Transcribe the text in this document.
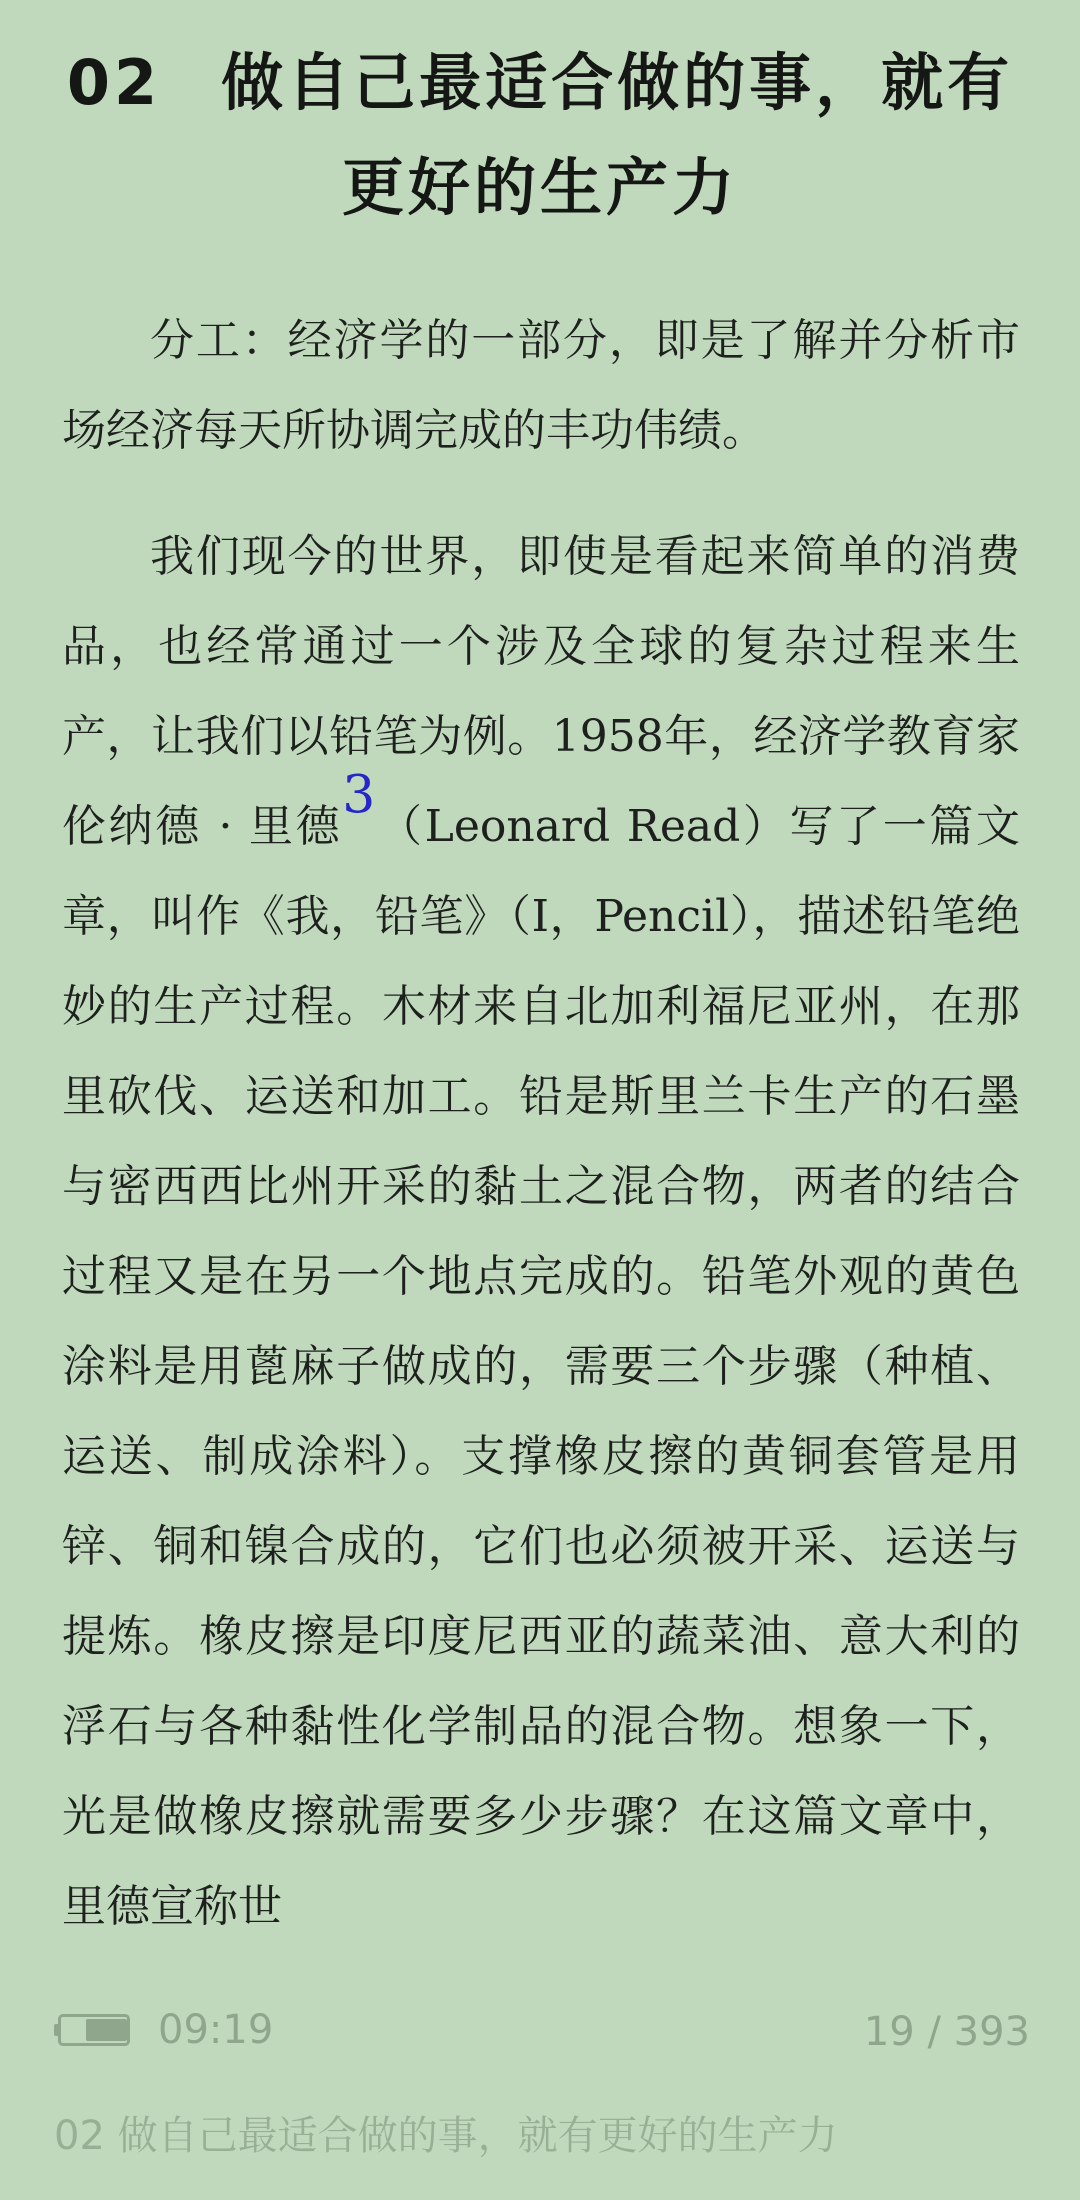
02 做自己最适合做的事，就有
更好的生产力

分工：经济学的一部分，即是了解并分析市场经济每天所协调完成的丰功伟绩。

我们现今的世界，即使是看起来简单的消费品，也经常通过一个涉及全球的复杂过程来生产，让我们以铅笔为例。1958年，经济学教育家伦纳德 · 里德3（Leonard Read）写了一篇文章，叫作《我，铅笔》（I，Pencil），描述铅笔绝妙的生产过程。木材来自北加利福尼亚州，在那里砍伐、运送和加工。铅是斯里兰卡生产的石墨与密西西比州开采的黏土之混合物，两者的结合过程又是在另一个地点完成的。铅笔外观的黄色涂料是用蓖麻子做成的，需要三个步骤（种植、运送、制成涂料）。支撑橡皮擦的黄铜套管是用锌、铜和镍合成的，它们也必须被开采、运送与提炼。橡皮擦是印度尼西亚的蔬菜油、意大利的浮石与各种黏性化学制品的混合物。想象一下，光是做橡皮擦就需要多少步骤？在这篇文章中，里德宣称世

09:19	19 / 393
02 做自己最适合做的事，就有更好的生产力
